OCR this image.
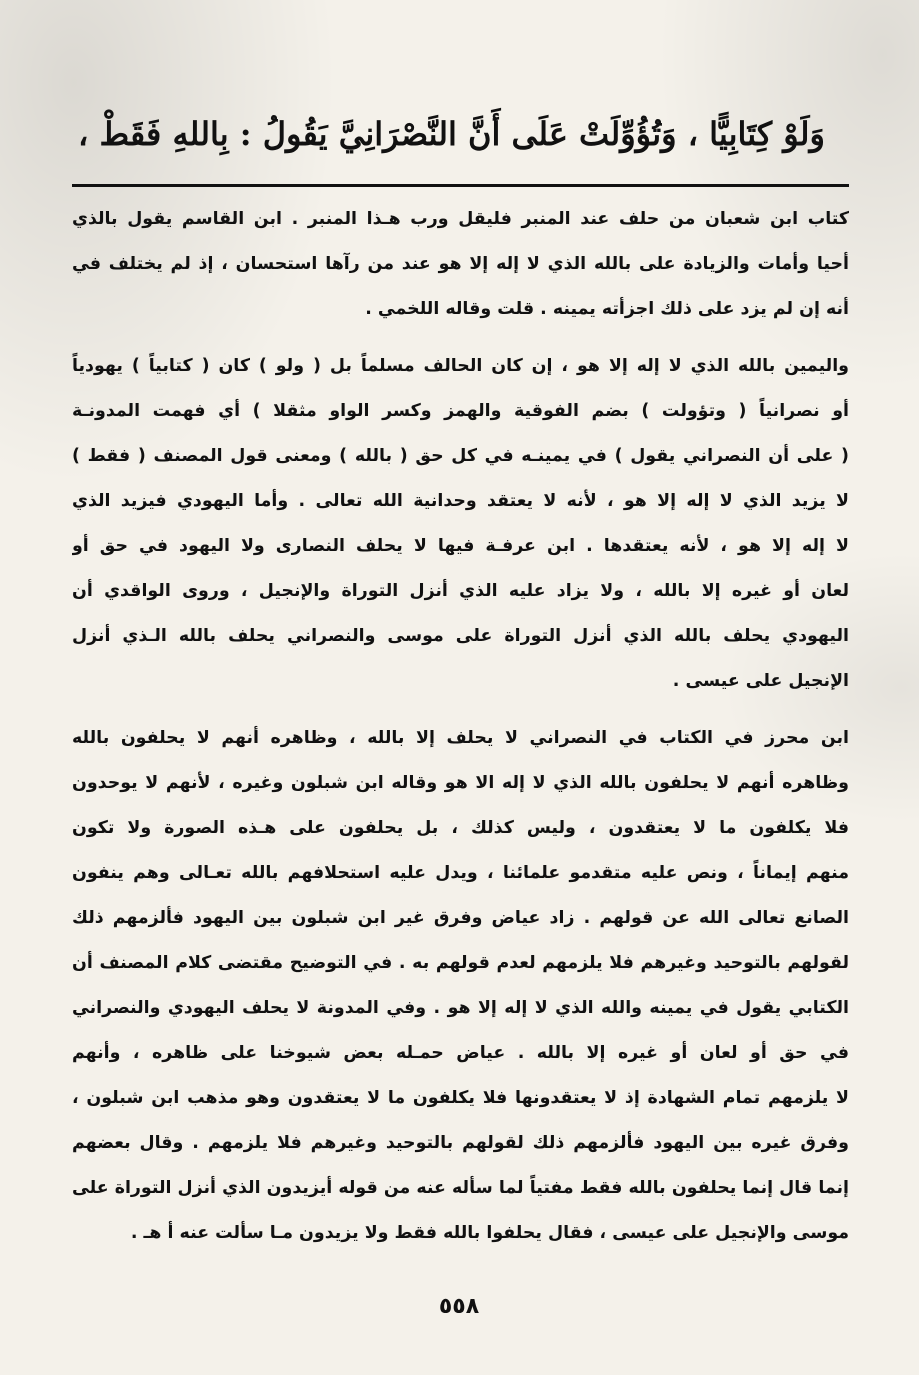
وَلَوْ كِتَابِيًّا ، وَتُؤُوِّلَتْ عَلَى أَنَّ النَّصْرَانِيَّ يَقُولُ : بِاللهِ فَقَطْ ،
كتاب ابن شعبان من حلف عند المنبر فليقل ورب هـذا المنبر . ابن القاسم يقول بالذي
أحيا وأمات والزيادة على بالله الذي لا إله إلا هو عند من رآها استحسان ، إذ لم يختلف في
أنه إن لم يزد على ذلك اجزأته يمينه . قلت وقاله اللخمي .
واليمين بالله الذي لا إله إلا هو ، إن كان الحالف مسلماً بل ( ولو ) كان ( كتابياً ) يهودياً
أو نصرانياً ( وتؤولت ) بضم الفوقية والهمز وكسر الواو مثقلا ) أي فهمت المدونـة
( على أن النصراني يقول ) في يمينـه في كل حق ( بالله ) ومعنى قول المصنف ( فقط )
لا يزيد الذي لا إله إلا هو ، لأنه لا يعتقد وحدانية الله تعالى . وأما اليهودي فيزيد الذي
لا إله إلا هو ، لأنه يعتقدها . ابن عرفـة فيها لا يحلف النصارى ولا اليهود في حق أو
لعان أو غيره إلا بالله ، ولا يزاد عليه الذي أنزل التوراة والإنجيل ، وروى الواقدي أن
اليهودي يحلف بالله الذي أنزل التوراة على موسى والنصراني يحلف بالله الـذي أنزل
الإنجيل على عيسى .
ابن محرز في الكتاب في النصراني لا يحلف إلا بالله ، وظاهره أنهم لا يحلفون بالله
وظاهره أنهم لا يحلفون بالله الذي لا إله الا هو وقاله ابن شبلون وغيره ، لأنهم لا يوحدون
فلا يكلفون ما لا يعتقدون ، وليس كذلك ، بل يحلفون على هـذه الصورة ولا تكون
منهم إيماناً ، ونص عليه متقدمو علمائنا ، ويدل عليه استحلافهم بالله تعـالى وهم ينفون
الصانع تعالى الله عن قولهم . زاد عياض وفرق غير ابن شبلون بين اليهود فألزمهم ذلك
لقولهم بالتوحيد وغيرهم فلا يلزمهم لعدم قولهم به . في التوضيح مقتضى كلام المصنف أن
الكتابي يقول في يمينه والله الذي لا إله إلا هو . وفي المدونة لا يحلف اليهودي والنصراني
في حق أو لعان أو غيره إلا بالله . عياض حمـله بعض شيوخنا على ظاهره ، وأنهم
لا يلزمهم تمام الشهادة إذ لا يعتقدونها فلا يكلفون ما لا يعتقدون وهو مذهب ابن شبلون ،
وفرق غيره بين اليهود فألزمهم ذلك لقولهم بالتوحيد وغيرهم فلا يلزمهم . وقال بعضهم
إنما قال إنما يحلفون بالله فقط مفتياً لما سأله عنه من قوله أيزيدون الذي أنزل التوراة على
موسى والإنجيل على عيسى ، فقال يحلفوا بالله فقط ولا يزيدون مـا سألت عنه أ هـ .
٥٥٨
